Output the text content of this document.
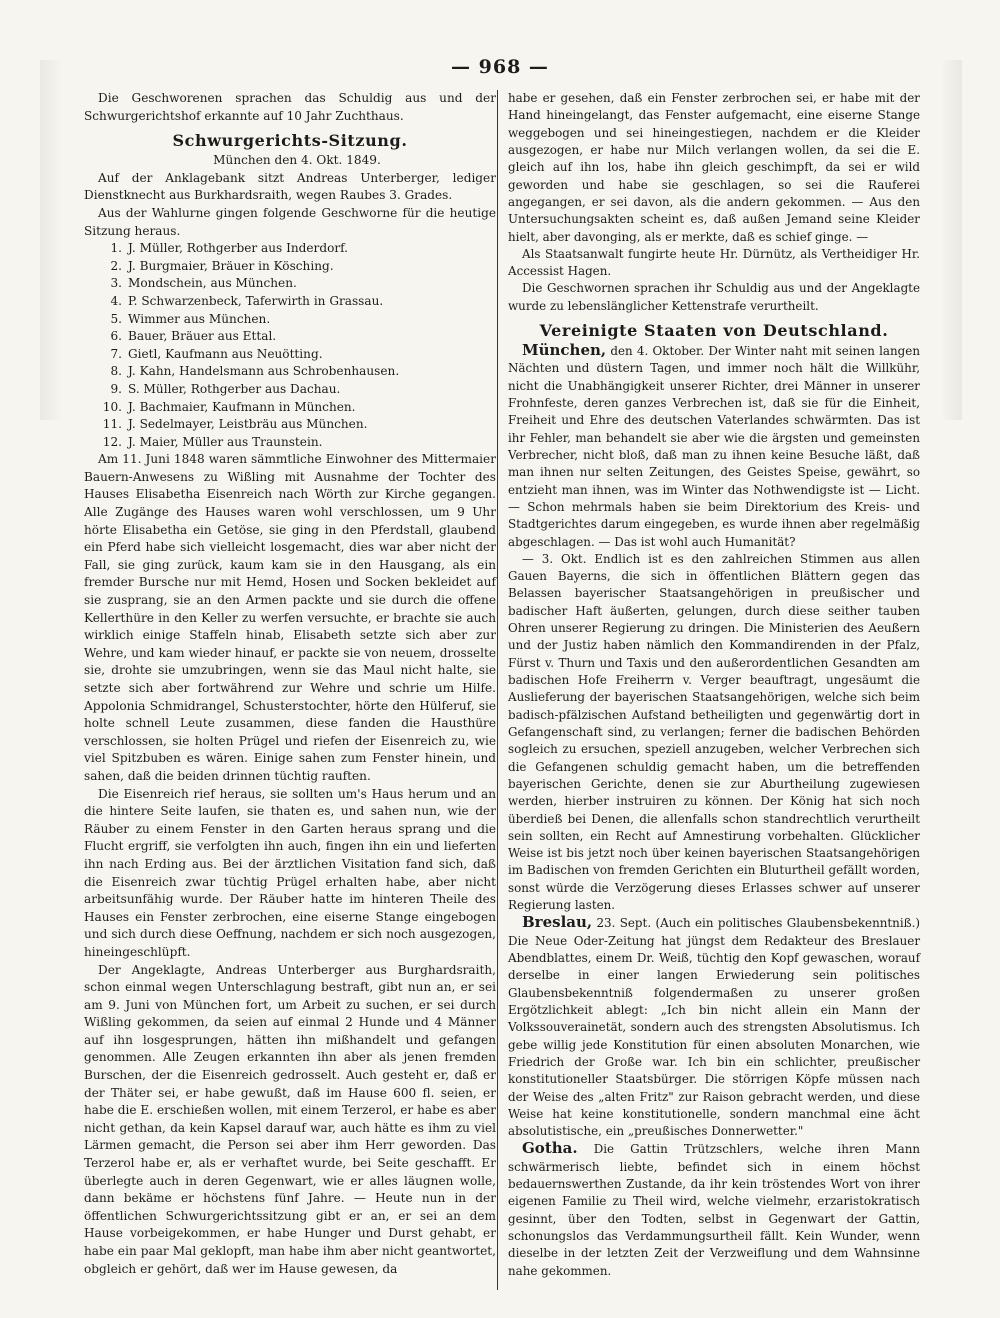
— 968 —

Die Geschworenen sprachen das Schuldig aus und der Schwurgerichtshof erkannte auf 10 Jahr Zuchthaus.

Schwurgerichts-Sitzung.

München den 4. Okt. 1849.

Auf der Anklagebank sitzt Andreas Unterberger, lediger Dienstknecht aus Burkhardsraith, wegen Raubes 3. Grades.

Aus der Wahlurne gingen folgende Geschworne für die heutige Sitzung heraus.

1. J. Müller, Rothgerber aus Inderdorf.
2. J. Burgmaier, Bräuer in Kösching.
3. Mondschein, aus München.
4. P. Schwarzenbeck, Taferwirth in Grassau.
5. Wimmer aus München.
6. Bauer, Bräuer aus Ettal.
7. Gietl, Kaufmann aus Neuötting.
8. J. Kahn, Handelsmann aus Schrobenhausen.
9. S. Müller, Rothgerber aus Dachau.
10. J. Bachmaier, Kaufmann in München.
11. J. Sedelmayer, Leistbräu aus München.
12. J. Maier, Müller aus Traunstein.

Am 11. Juni 1848 waren sämmtliche Einwohner des Mittermaier Bauern-Anwesens zu Wißling mit Ausnahme der Tochter des Hauses Elisabetha Eisenreich nach Wörth zur Kirche gegangen. Alle Zugänge des Hauses waren wohl verschlossen, um 9 Uhr hörte Elisabetha ein Getöse, sie ging in den Pferdstall, glaubend ein Pferd habe sich vielleicht losgemacht, dies war aber nicht der Fall, sie ging zurück, kaum kam sie in den Hausgang, als ein fremder Bursche nur mit Hemd, Hosen und Socken bekleidet auf sie zusprang, sie an den Armen packte und sie durch die offene Kellerthüre in den Keller zu werfen versuchte, er brachte sie auch wirklich einige Staffeln hinab, Elisabeth setzte sich aber zur Wehre, und kam wieder hinauf, er packte sie von neuem, drosselte sie, drohte sie umzubringen, wenn sie das Maul nicht halte, sie setzte sich aber fortwährend zur Wehre und schrie um Hilfe. Appolonia Schmidrangel, Schusterstochter, hörte den Hülferuf, sie holte schnell Leute zusammen, diese fanden die Hausthüre verschlossen, sie holten Prügel und riefen der Eisenreich zu, wie viel Spitzbuben es wären. Einige sahen zum Fenster hinein, und sahen, daß die beiden drinnen tüchtig rauften.

Die Eisenreich rief heraus, sie sollten um's Haus herum und an die hintere Seite laufen, sie thaten es, und sahen nun, wie der Räuber zu einem Fenster in den Garten heraus sprang und die Flucht ergriff, sie verfolgten ihn auch, fingen ihn ein und lieferten ihn nach Erding aus. Bei der ärztlichen Visitation fand sich, daß die Eisenreich zwar tüchtig Prügel erhalten habe, aber nicht arbeitsunfähig wurde. Der Räuber hatte im hinteren Theile des Hauses ein Fenster zerbrochen, eine eiserne Stange eingebogen und sich durch diese Oeffnung, nachdem er sich noch ausgezogen, hineingeschlüpft.

Der Angeklagte, Andreas Unterberger aus Burghardsraith, schon einmal wegen Unterschlagung bestraft, gibt nun an, er sei am 9. Juni von München fort, um Arbeit zu suchen, er sei durch Wißling gekommen, da seien auf einmal 2 Hunde und 4 Männer auf ihn losgesprungen, hätten ihn mißhandelt und gefangen genommen. Alle Zeugen erkannten ihn aber als jenen fremden Burschen, der die Eisenreich gedrosselt. Auch gesteht er, daß er der Thäter sei, er habe gewußt, daß im Hause 600 fl. seien, er habe die E. erschießen wollen, mit einem Terzerol, er habe es aber nicht gethan, da kein Kapsel darauf war, auch hätte es ihm zu viel Lärmen gemacht, die Person sei aber ihm Herr geworden. Das Terzerol habe er, als er verhaftet wurde, bei Seite geschafft. Er überlegte auch in deren Gegenwart, wie er alles läugnen wolle, dann bekäme er höchstens fünf Jahre. — Heute nun in der öffentlichen Schwurgerichtssitzung gibt er an, er sei an dem Hause vorbeigekommen, er habe Hunger und Durst gehabt, er habe ein paar Mal geklopft, man habe ihm aber nicht geantwortet, obgleich er gehört, daß wer im Hause gewesen, da

habe er gesehen, daß ein Fenster zerbrochen sei, er habe mit der Hand hineingelangt, das Fenster aufgemacht, eine eiserne Stange weggebogen und sei hineingestiegen, nachdem er die Kleider ausgezogen, er habe nur Milch verlangen wollen, da sei die E. gleich auf ihn los, habe ihn gleich geschimpft, da sei er wild geworden und habe sie geschlagen, so sei die Rauferei angegangen, er sei davon, als die andern gekommen. — Aus den Untersuchungsakten scheint es, daß außen Jemand seine Kleider hielt, aber davonging, als er merkte, daß es schief ginge. —

Als Staatsanwalt fungirte heute Hr. Dürnütz, als Vertheidiger Hr. Accessist Hagen.

Die Geschwornen sprachen ihr Schuldig aus und der Angeklagte wurde zu lebenslänglicher Kettenstrafe verurtheilt.

Vereinigte Staaten von Deutschland.

München, den 4. Oktober. Der Winter naht mit seinen langen Nächten und düstern Tagen, und immer noch hält die Willkühr, nicht die Unabhängigkeit unserer Richter, drei Männer in unserer Frohnfeste, deren ganzes Verbrechen ist, daß sie für die Einheit, Freiheit und Ehre des deutschen Vaterlandes schwärmten. Das ist ihr Fehler, man behandelt sie aber wie die ärgsten und gemeinsten Verbrecher, nicht bloß, daß man zu ihnen keine Besuche läßt, daß man ihnen nur selten Zeitungen, des Geistes Speise, gewährt, so entzieht man ihnen, was im Winter das Nothwendigste ist — Licht. — Schon mehrmals haben sie beim Direktorium des Kreis- und Stadtgerichtes darum eingegeben, es wurde ihnen aber regelmäßig abgeschlagen. — Das ist wohl auch Humanität?

— 3. Okt. Endlich ist es den zahlreichen Stimmen aus allen Gauen Bayerns, die sich in öffentlichen Blättern gegen das Belassen bayerischer Staatsangehörigen in preußischer und badischer Haft äußerten, gelungen, durch diese seither tauben Ohren unserer Regierung zu dringen. Die Ministerien des Aeußern und der Justiz haben nämlich den Kommandirenden in der Pfalz, Fürst v. Thurn und Taxis und den außerordentlichen Gesandten am badischen Hofe Freiherrn v. Verger beauftragt, ungesäumt die Auslieferung der bayerischen Staatsangehörigen, welche sich beim badisch-pfälzischen Aufstand betheiligten und gegenwärtig dort in Gefangenschaft sind, zu verlangen; ferner die badischen Behörden sogleich zu ersuchen, speziell anzugeben, welcher Verbrechen sich die Gefangenen schuldig gemacht haben, um die betreffenden bayerischen Gerichte, denen sie zur Aburtheilung zugewiesen werden, hierber instruiren zu können. Der König hat sich noch überdieß bei Denen, die allenfalls schon standrechtlich verurtheilt sein sollten, ein Recht auf Amnestirung vorbehalten. Glücklicher Weise ist bis jetzt noch über keinen bayerischen Staatsangehörigen im Badischen von fremden Gerichten ein Bluturtheil gefällt worden, sonst würde die Verzögerung dieses Erlasses schwer auf unserer Regierung lasten.

Breslau, 23. Sept. (Auch ein politisches Glaubensbekenntniß.) Die Neue Oder-Zeitung hat jüngst dem Redakteur des Breslauer Abendblattes, einem Dr. Weiß, tüchtig den Kopf gewaschen, worauf derselbe in einer langen Erwiederung sein politisches Glaubensbekenntniß folgendermaßen zu unserer großen Ergötzlichkeit ablegt: „Ich bin nicht allein ein Mann der Volkssouverainetät, sondern auch des strengsten Absolutismus. Ich gebe willig jede Konstitution für einen absoluten Monarchen, wie Friedrich der Große war. Ich bin ein schlichter, preußischer konstitutioneller Staatsbürger. Die störrigen Köpfe müssen nach der Weise des „alten Fritz" zur Raison gebracht werden, und diese Weise hat keine konstitutionelle, sondern manchmal eine ächt absolutistische, ein „preußisches Donnerwetter."

Gotha. Die Gattin Trützschlers, welche ihren Mann schwärmerisch liebte, befindet sich in einem höchst bedauernswerthen Zustande, da ihr kein tröstendes Wort von ihrer eigenen Familie zu Theil wird, welche vielmehr, erzaristokratisch gesinnt, über den Todten, selbst in Gegenwart der Gattin, schonungslos das Verdammungsurtheil fällt. Kein Wunder, wenn dieselbe in der letzten Zeit der Verzweiflung und dem Wahnsinne nahe gekommen.
